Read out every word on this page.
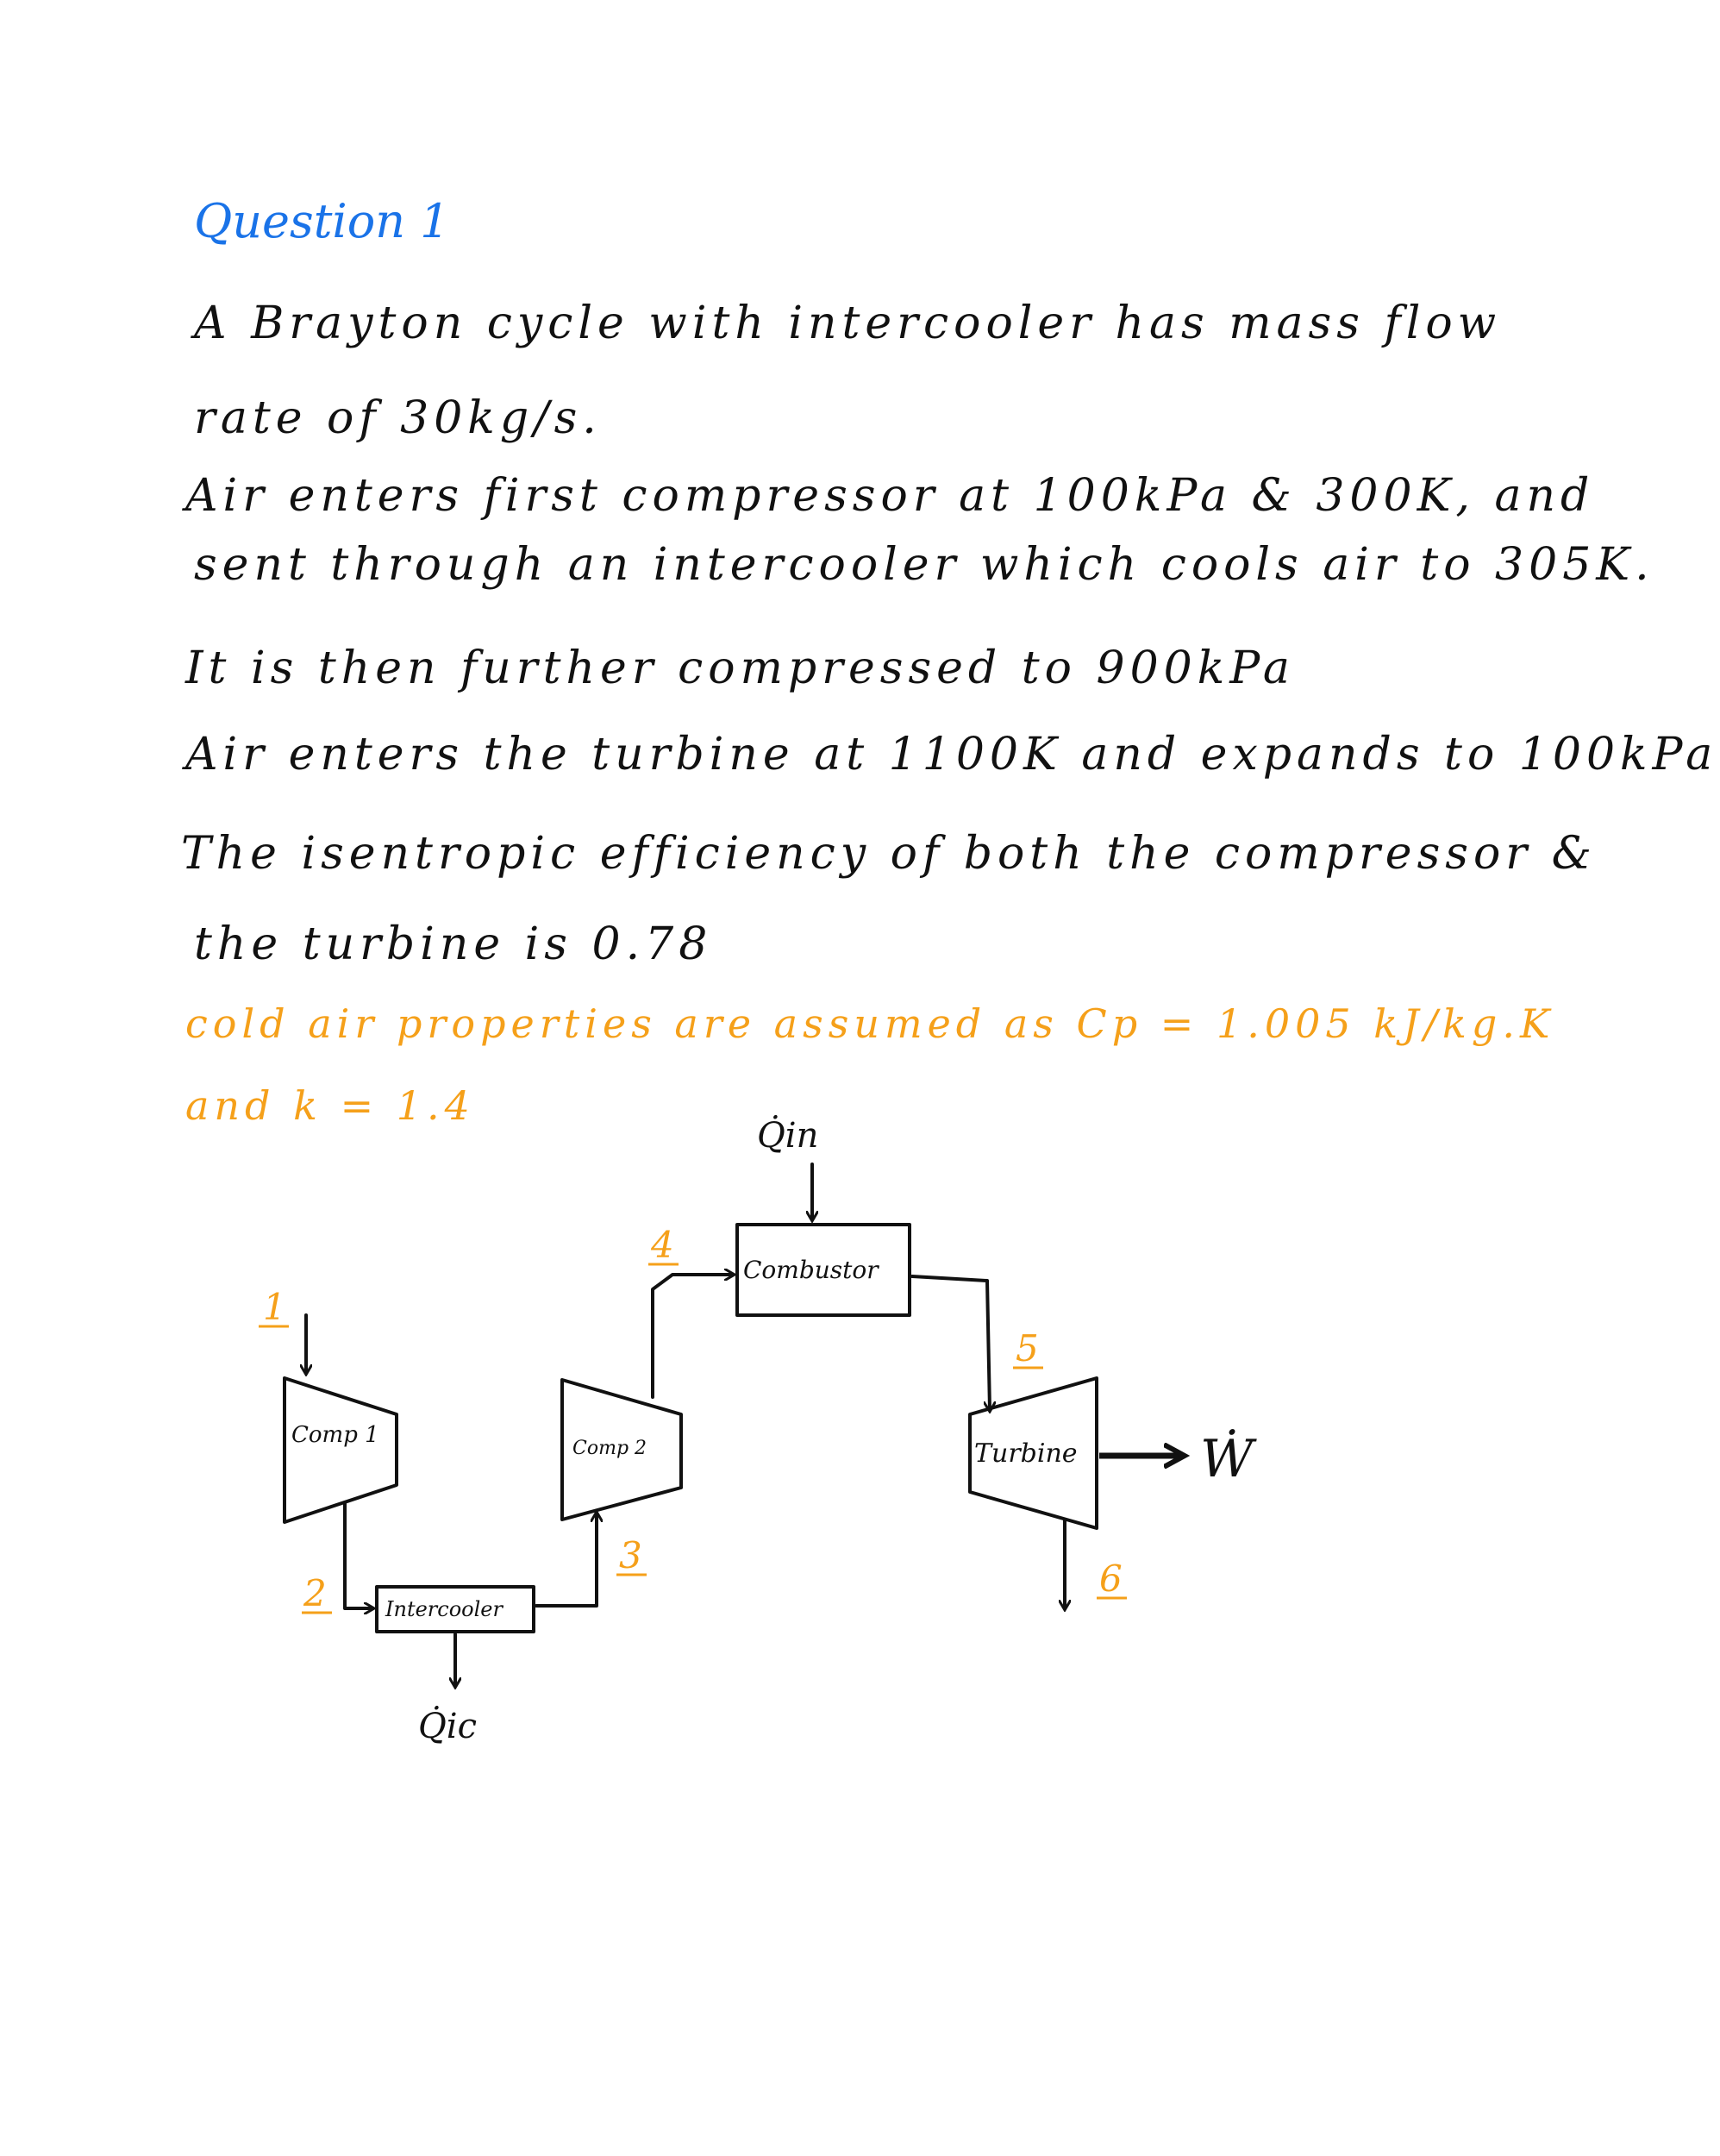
Question 1
A Brayton cycle with intercooler has mass flow
rate of 30kg/s.
Air enters first compressor at 100kPa & 300K, and
sent through an intercooler which cools air to 305K.
It is then further compressed to 900kPa
Air enters the turbine at 1100K and expands to 100kPa
The isentropic efficiency of both the compressor &
the turbine is 0.78
cold air properties are assumed as Cp = 1.005 kJ/kg.K
and k = 1.4
Comp 1
Comp 2	Turbine
Intercooler
Combustor
Q̇in
Q̇ic
Ẇ
1
2
3
4
5
6
